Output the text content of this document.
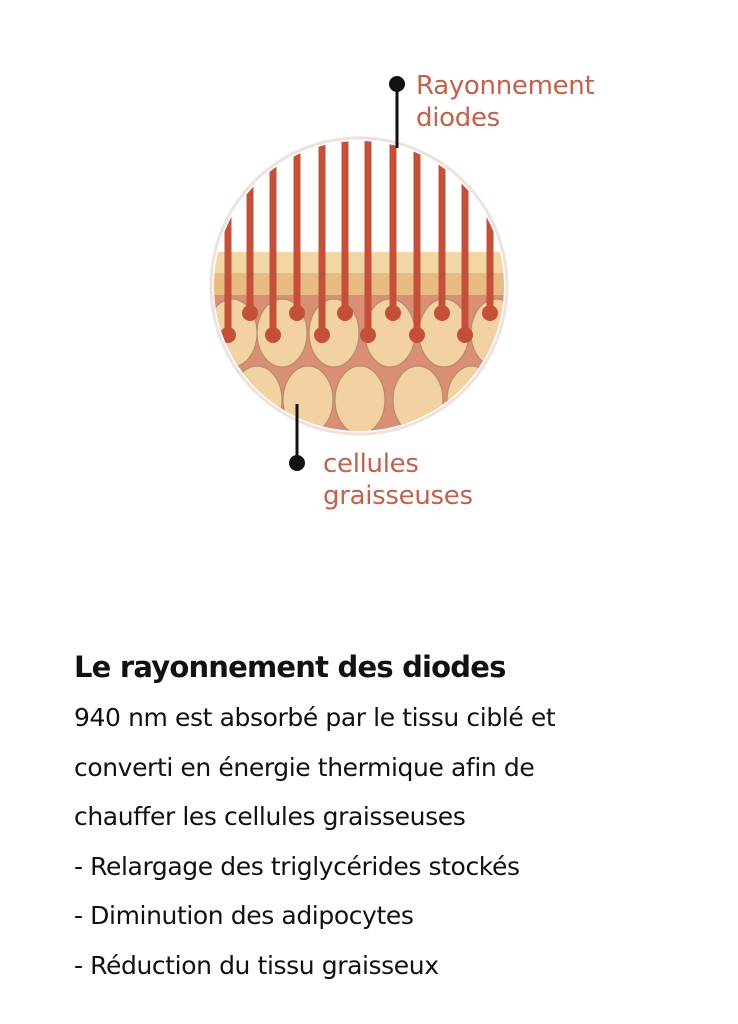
Rayonnement
diodes
cellules
graisseuses
Le rayonnement des diodes

940 nm est absorbé par le tissu ciblé et

converti en énergie thermique afin de

chauffer les cellules graisseuses

- Relargage des triglycérides stockés

- Diminution des adipocytes

- Réduction du tissu graisseux
